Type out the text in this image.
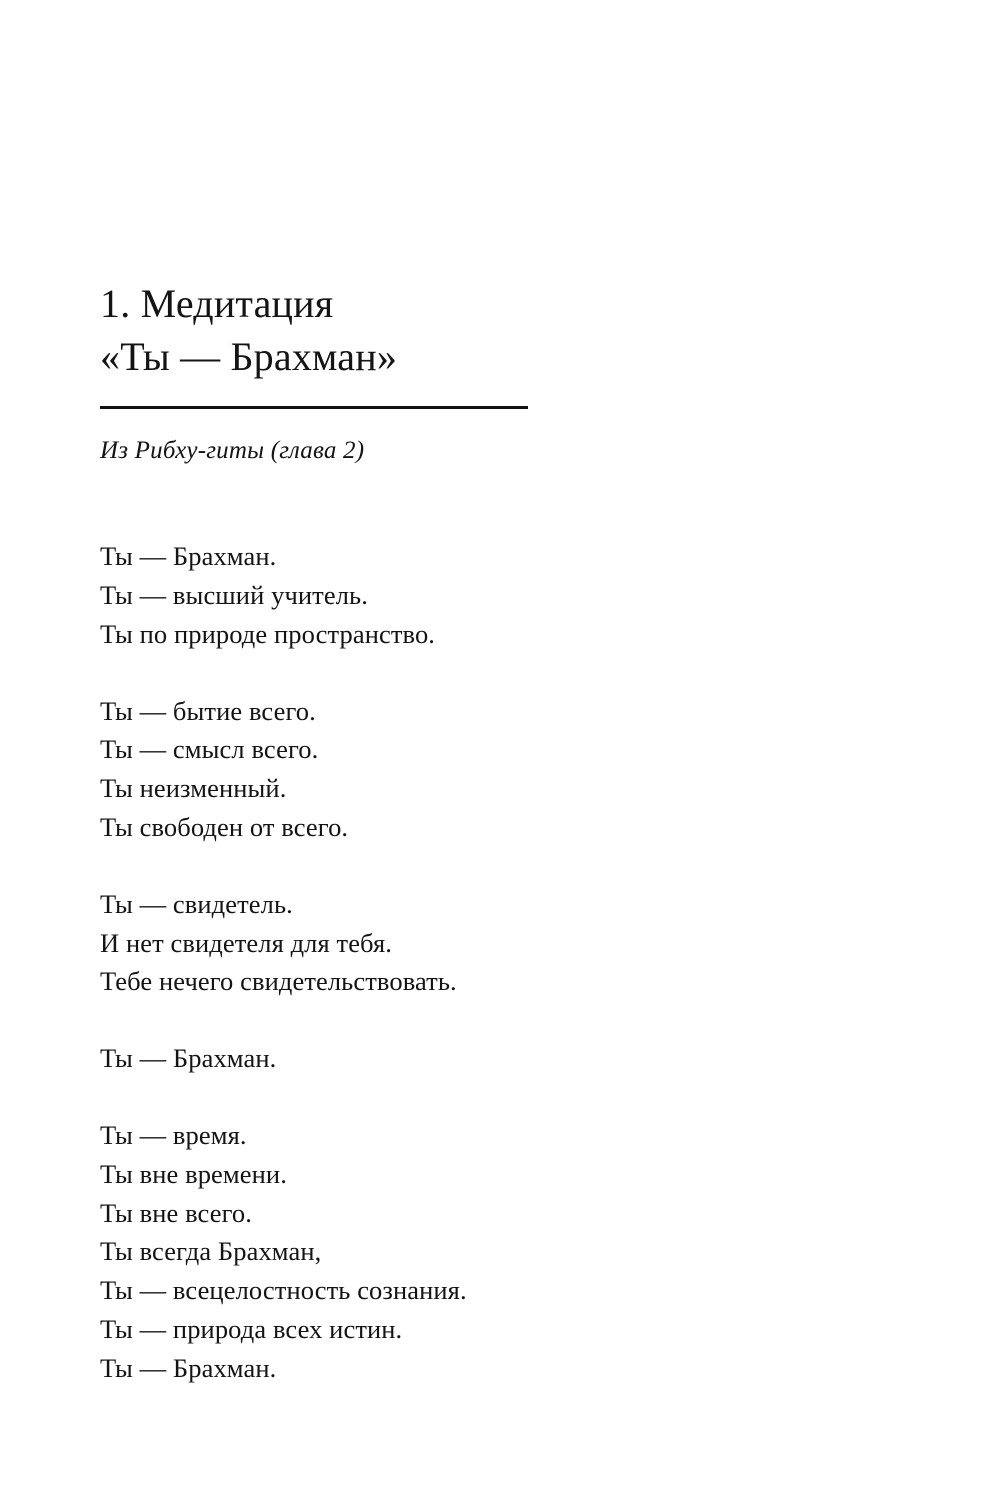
1. Медитация
«Ты — Брахман»

Из Рибху-гиты (глава 2)

Ты — Брахман.
Ты — высший учитель.
Ты по природе пространство.
Ты — бытие всего.
Ты — смысл всего.
Ты неизменный.
Ты свободен от всего.
Ты — свидетель.
И нет свидетеля для тебя.
Тебе нечего свидетельствовать.
Ты — Брахман.
Ты — время.
Ты вне времени.
Ты вне всего.
Ты всегда Брахман,
Ты — всецелостность сознания.
Ты — природа всех истин.
Ты — Брахман.
